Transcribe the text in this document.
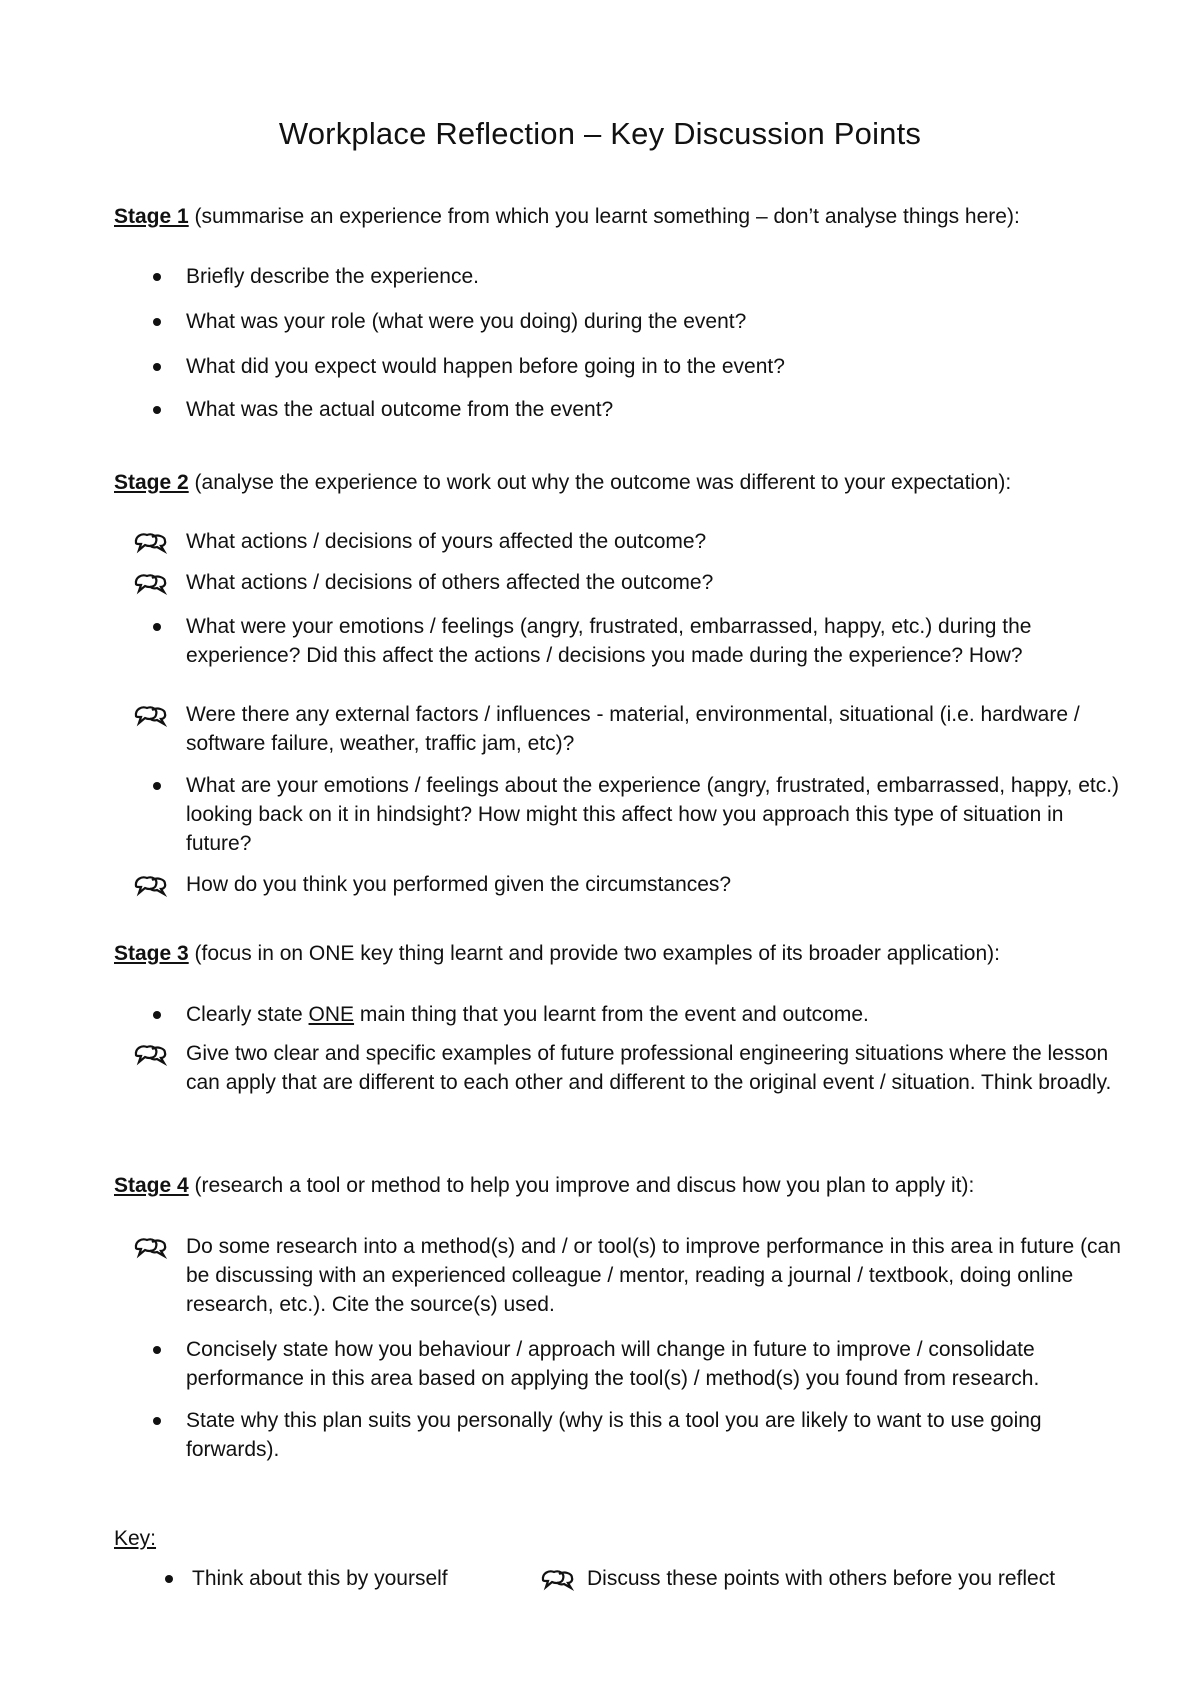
Workplace Reflection – Key Discussion Points
Stage 1 (summarise an experience from which you learnt something – don’t analyse things here):
Briefly describe the experience.
What was your role (what were you doing) during the event?
What did you expect would happen before going in to the event?
What was the actual outcome from the event?
Stage 2 (analyse the experience to work out why the outcome was different to your expectation):
What actions / decisions of yours affected the outcome?
What actions / decisions of others affected the outcome?
What were your emotions / feelings (angry, frustrated, embarrassed, happy, etc.) during the experience? Did this affect the actions / decisions you made during the experience? How?
Were there any external factors / influences - material, environmental, situational (i.e. hardware / software failure, weather, traffic jam, etc)?
What are your emotions / feelings about the experience (angry, frustrated, embarrassed, happy, etc.) looking back on it in hindsight? How might this affect how you approach this type of situation in future?
How do you think you performed given the circumstances?
Stage 3 (focus in on ONE key thing learnt and provide two examples of its broader application):
Clearly state ONE main thing that you learnt from the event and outcome.
Give two clear and specific examples of future professional engineering situations where the lesson can apply that are different to each other and different to the original event / situation. Think broadly.
Stage 4 (research a tool or method to help you improve and discus how you plan to apply it):
Do some research into a method(s) and / or tool(s) to improve performance in this area in future (can be discussing with an experienced colleague / mentor, reading a journal / textbook, doing online research, etc.). Cite the source(s) used.
Concisely state how you behaviour / approach will change in future to improve / consolidate performance in this area based on applying the tool(s) / method(s) you found from research.
State why this plan suits you personally (why is this a tool you are likely to want to use going forwards).
Key:
Think about this by yourself	Discuss these points with others before you reflect
